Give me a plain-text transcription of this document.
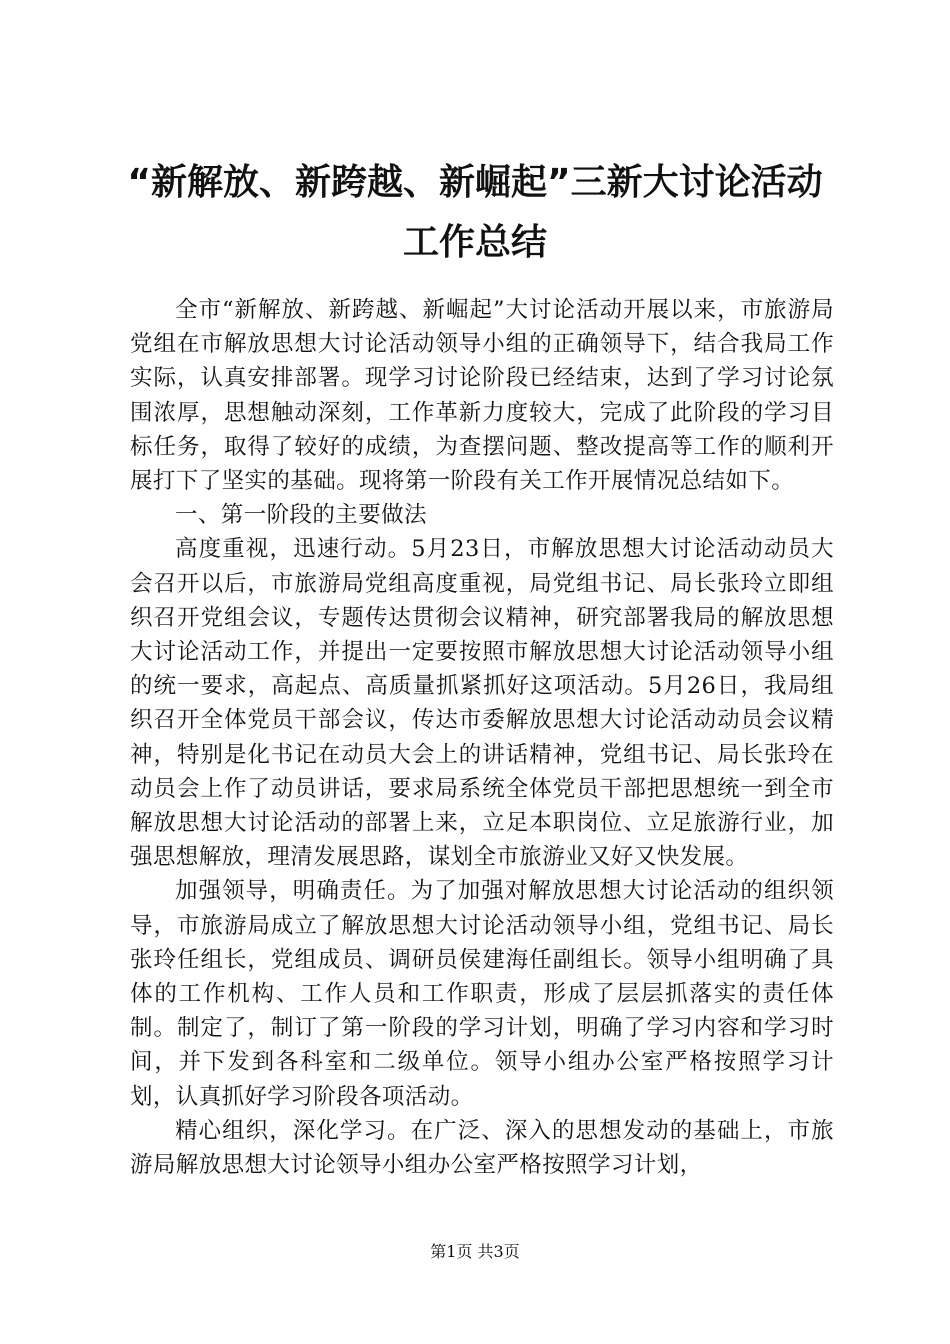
“新解放、新跨越、新崛起”三新大讨论活动
工作总结

全市“新解放、新跨越、新崛起”大讨论活动开展以来，市旅游局党组在市解放思想大讨论活动领导小组的正确领导下，结合我局工作实际，认真安排部署。现学习讨论阶段已经结束，达到了学习讨论氛围浓厚，思想触动深刻，工作革新力度较大，完成了此阶段的学习目标任务，取得了较好的成绩，为查摆问题、整改提高等工作的顺利开展打下了坚实的基础。现将第一阶段有关工作开展情况总结如下。

一、第一阶段的主要做法

高度重视，迅速行动。5月23日，市解放思想大讨论活动动员大会召开以后，市旅游局党组高度重视，局党组书记、局长张玲立即组织召开党组会议，专题传达贯彻会议精神，研究部署我局的解放思想大讨论活动工作，并提出一定要按照市解放思想大讨论活动领导小组的统一要求，高起点、高质量抓紧抓好这项活动。5月26日，我局组织召开全体党员干部会议，传达市委解放思想大讨论活动动员会议精神，特别是化书记在动员大会上的讲话精神，党组书记、局长张玲在动员会上作了动员讲话，要求局系统全体党员干部把思想统一到全市解放思想大讨论活动的部署上来，立足本职岗位、立足旅游行业，加强思想解放，理清发展思路，谋划全市旅游业又好又快发展。

加强领导，明确责任。为了加强对解放思想大讨论活动的组织领导，市旅游局成立了解放思想大讨论活动领导小组，党组书记、局长张玲任组长，党组成员、调研员侯建海任副组长。领导小组明确了具体的工作机构、工作人员和工作职责，形成了层层抓落实的责任体制。制定了，制订了第一阶段的学习计划，明确了学习内容和学习时间，并下发到各科室和二级单位。领导小组办公室严格按照学习计划，认真抓好学习阶段各项活动。

精心组织，深化学习。在广泛、深入的思想发动的基础上，市旅游局解放思想大讨论领导小组办公室严格按照学习计划，

第1页 共3页
